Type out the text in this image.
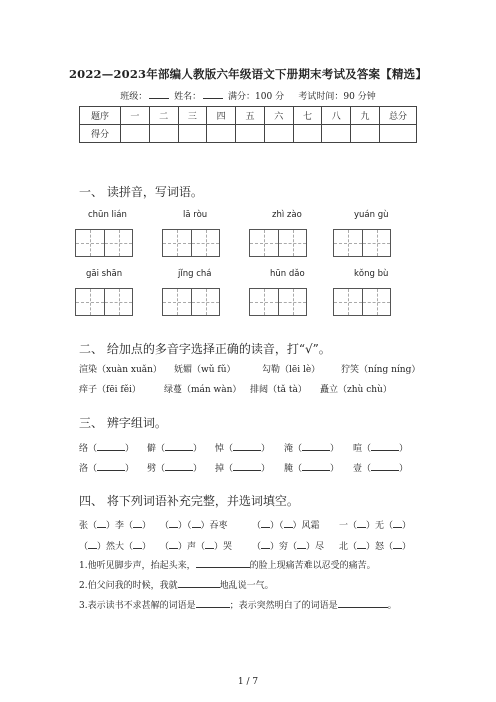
2022—2023年部编人教版六年级语文下册期末考试及答案【精选】
班级：	姓名：	满分：100 分 考试时间：90 分钟
题序	一	二	三	四	五	六	七	八	九	总分
得分										
一、 读拼音，写词语。
chūn lián	lā ròu	zhì zào	yuán gù
gāi shān	jǐng chá	hūn dǎo	kǒng bù
二、 给加点的多音字选择正确的读音，打“√”。
渲染（xuàn xuǎn） 妩媚（wǔ fǔ）	勾勒（lēi lè） 狞笑（níng níng）
痒子（fēi fěi）	绿蔓（mán wàn） 排闼（tǎ tà） 矗立（zhù chù）
三、 辨字组词。
络（	） 僻（	） 悼（	） 淹（	） 喧（	）
洛（	） 劈（	） 掉（	） 腌（	） 壹（	）
四、 将下列词语补充完整，并选词填空。
张（ ）李（ ） （ ）（ ）吞枣	（ ）（ ）风霜 一（ ）无（ ）
（ ）然大（ ） （ ）声（ ）哭 （ ）穷（ ）尽 北（ ）怒（ ）
1.他听见脚步声，抬起头来，	的脸上现痛苦难以忍受的痛苦。
2.伯父问我的时候，我就	地乱说一气。
3.表示读书不求甚解的词语是	；表示突然明白了的词语是	。
1 / 7
